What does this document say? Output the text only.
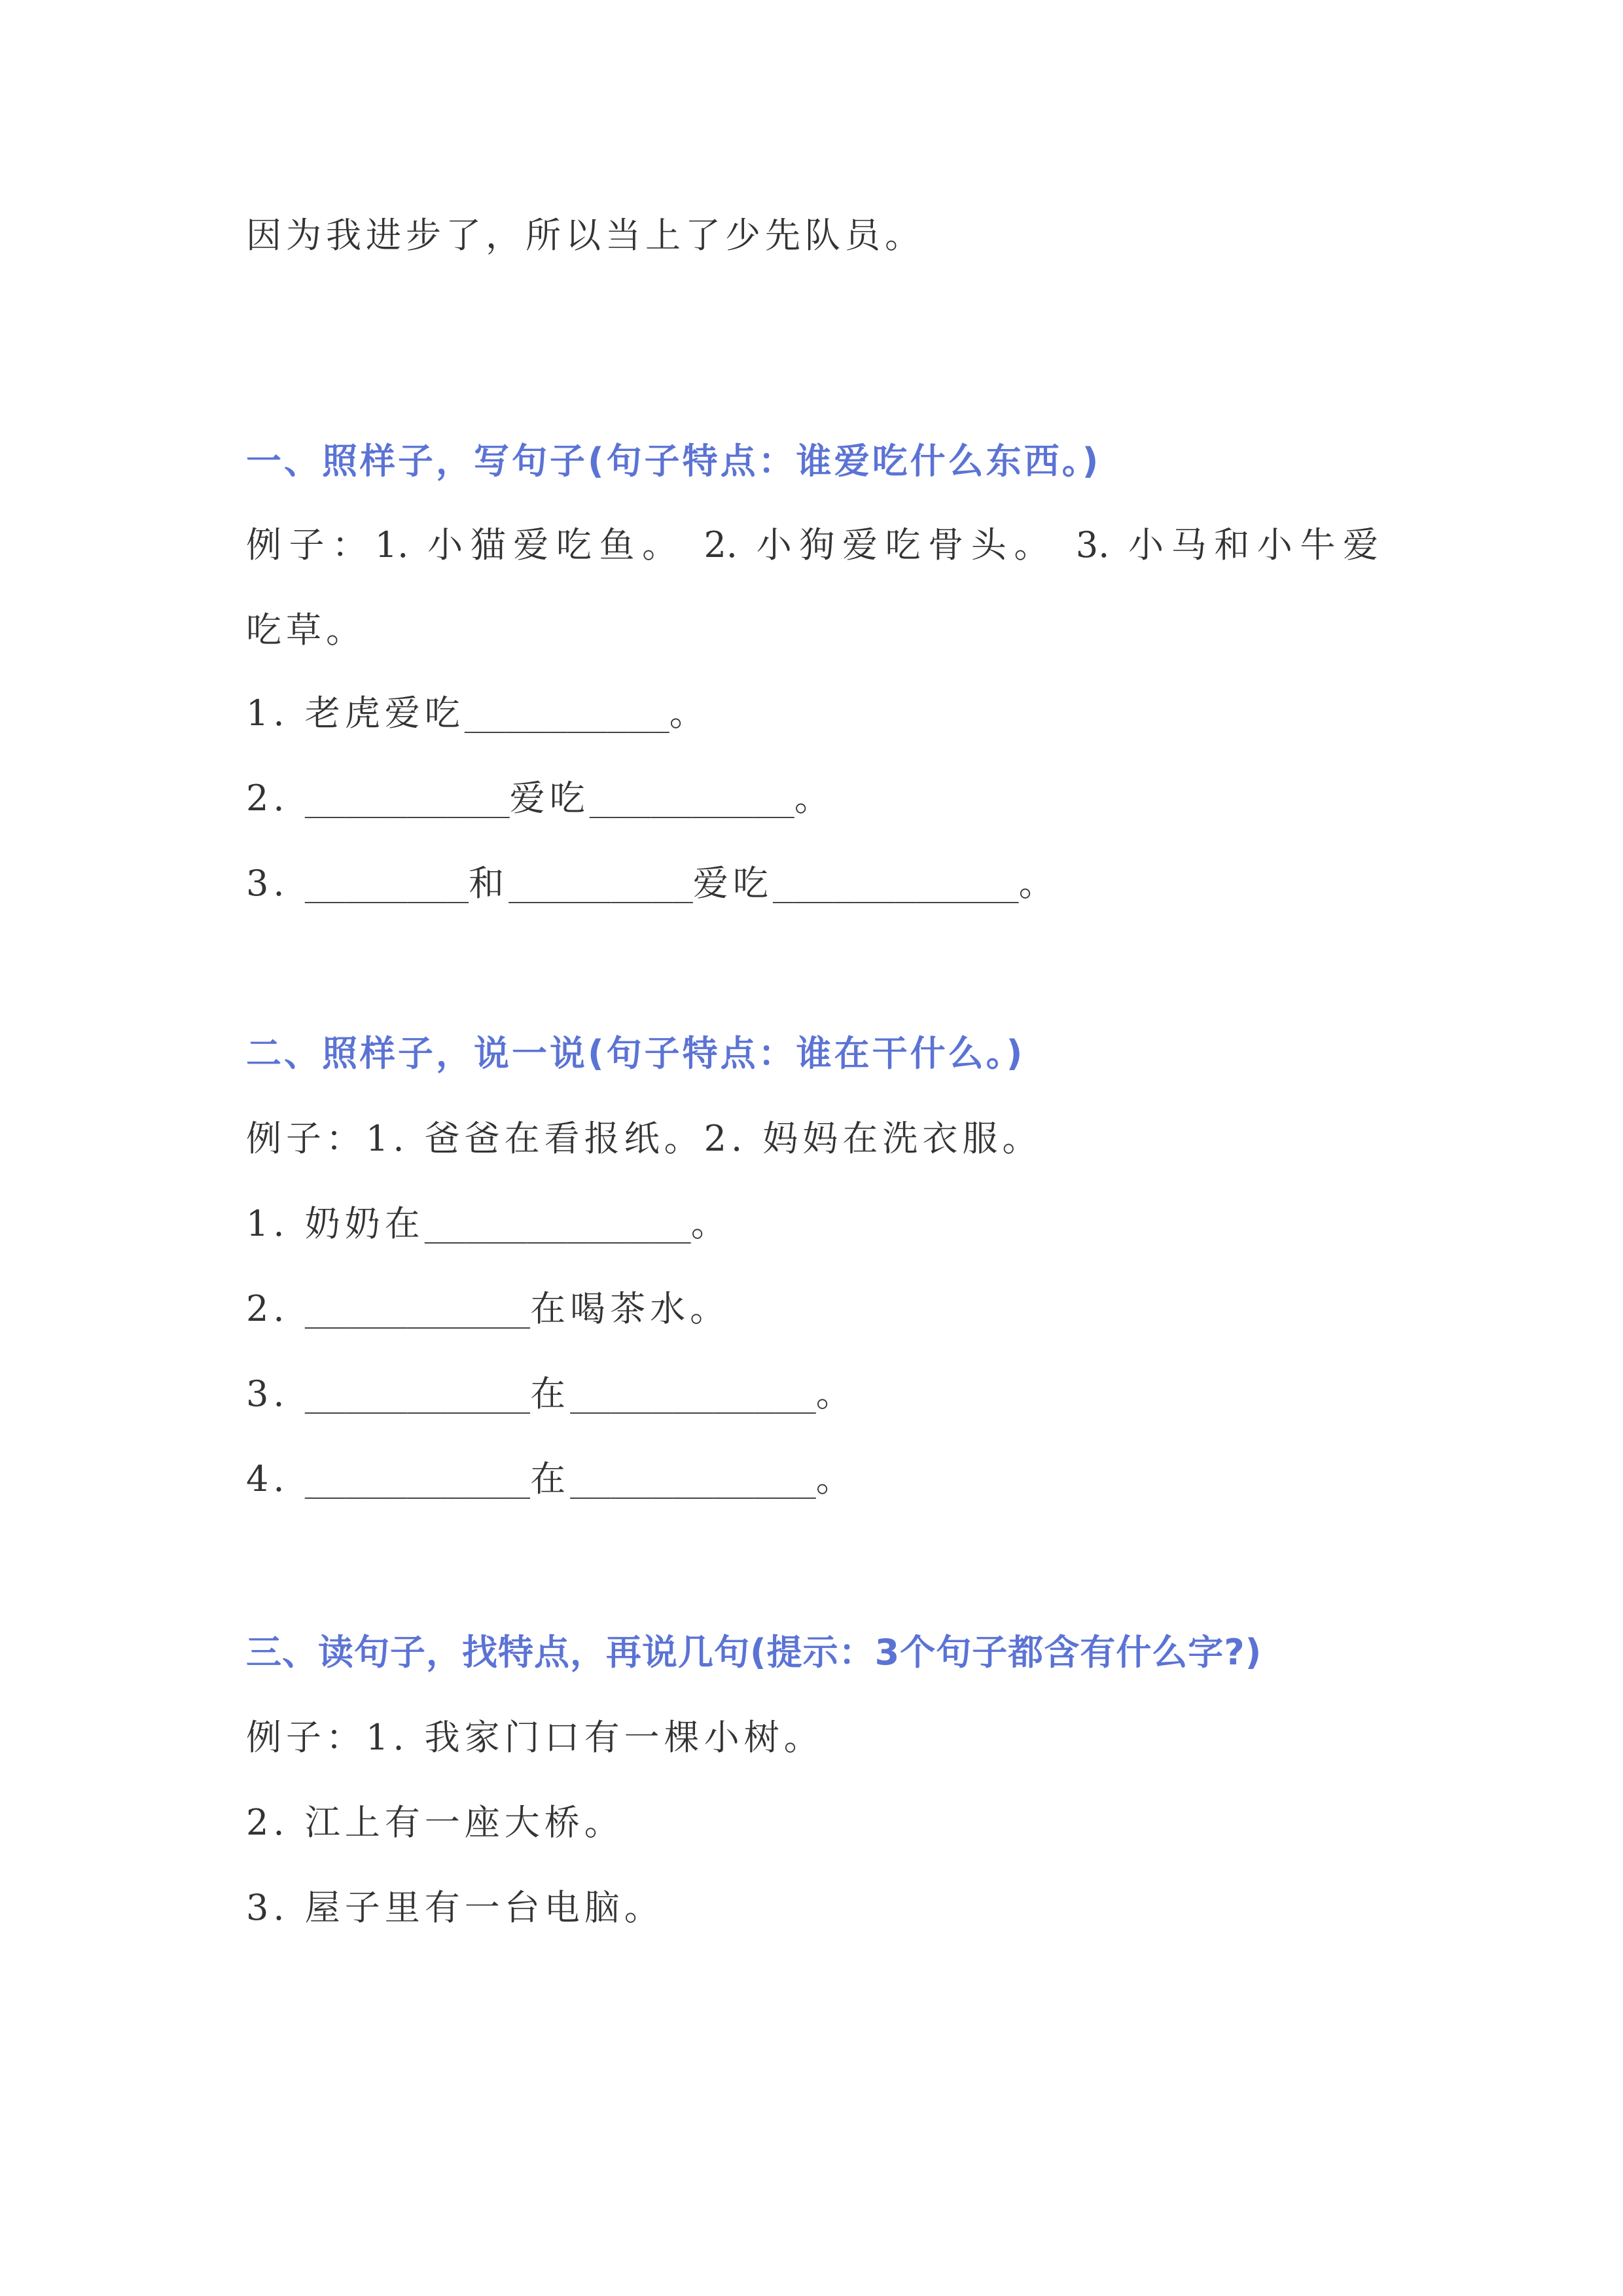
因为我进步了，所以当上了少先队员。
一、照样子，写句子(句子特点：谁爱吃什么东西。)
例子：1. 小猫爱吃鱼。 2. 小狗爱吃骨头。 3. 小马和小牛爱
吃草。
1. 老虎爱吃__________。
2. __________爱吃__________。
3. ________和_________爱吃____________。
二、照样子，说一说(句子特点：谁在干什么。)
例子：1. 爸爸在看报纸。2. 妈妈在洗衣服。
1. 奶奶在_____________。
2. ___________在喝茶水。
3. ___________在____________。
4. ___________在____________。
三、读句子，找特点，再说几句(提示：3个句子都含有什么字?)
例子：1. 我家门口有一棵小树。
2. 江上有一座大桥。
3. 屋子里有一台电脑。
